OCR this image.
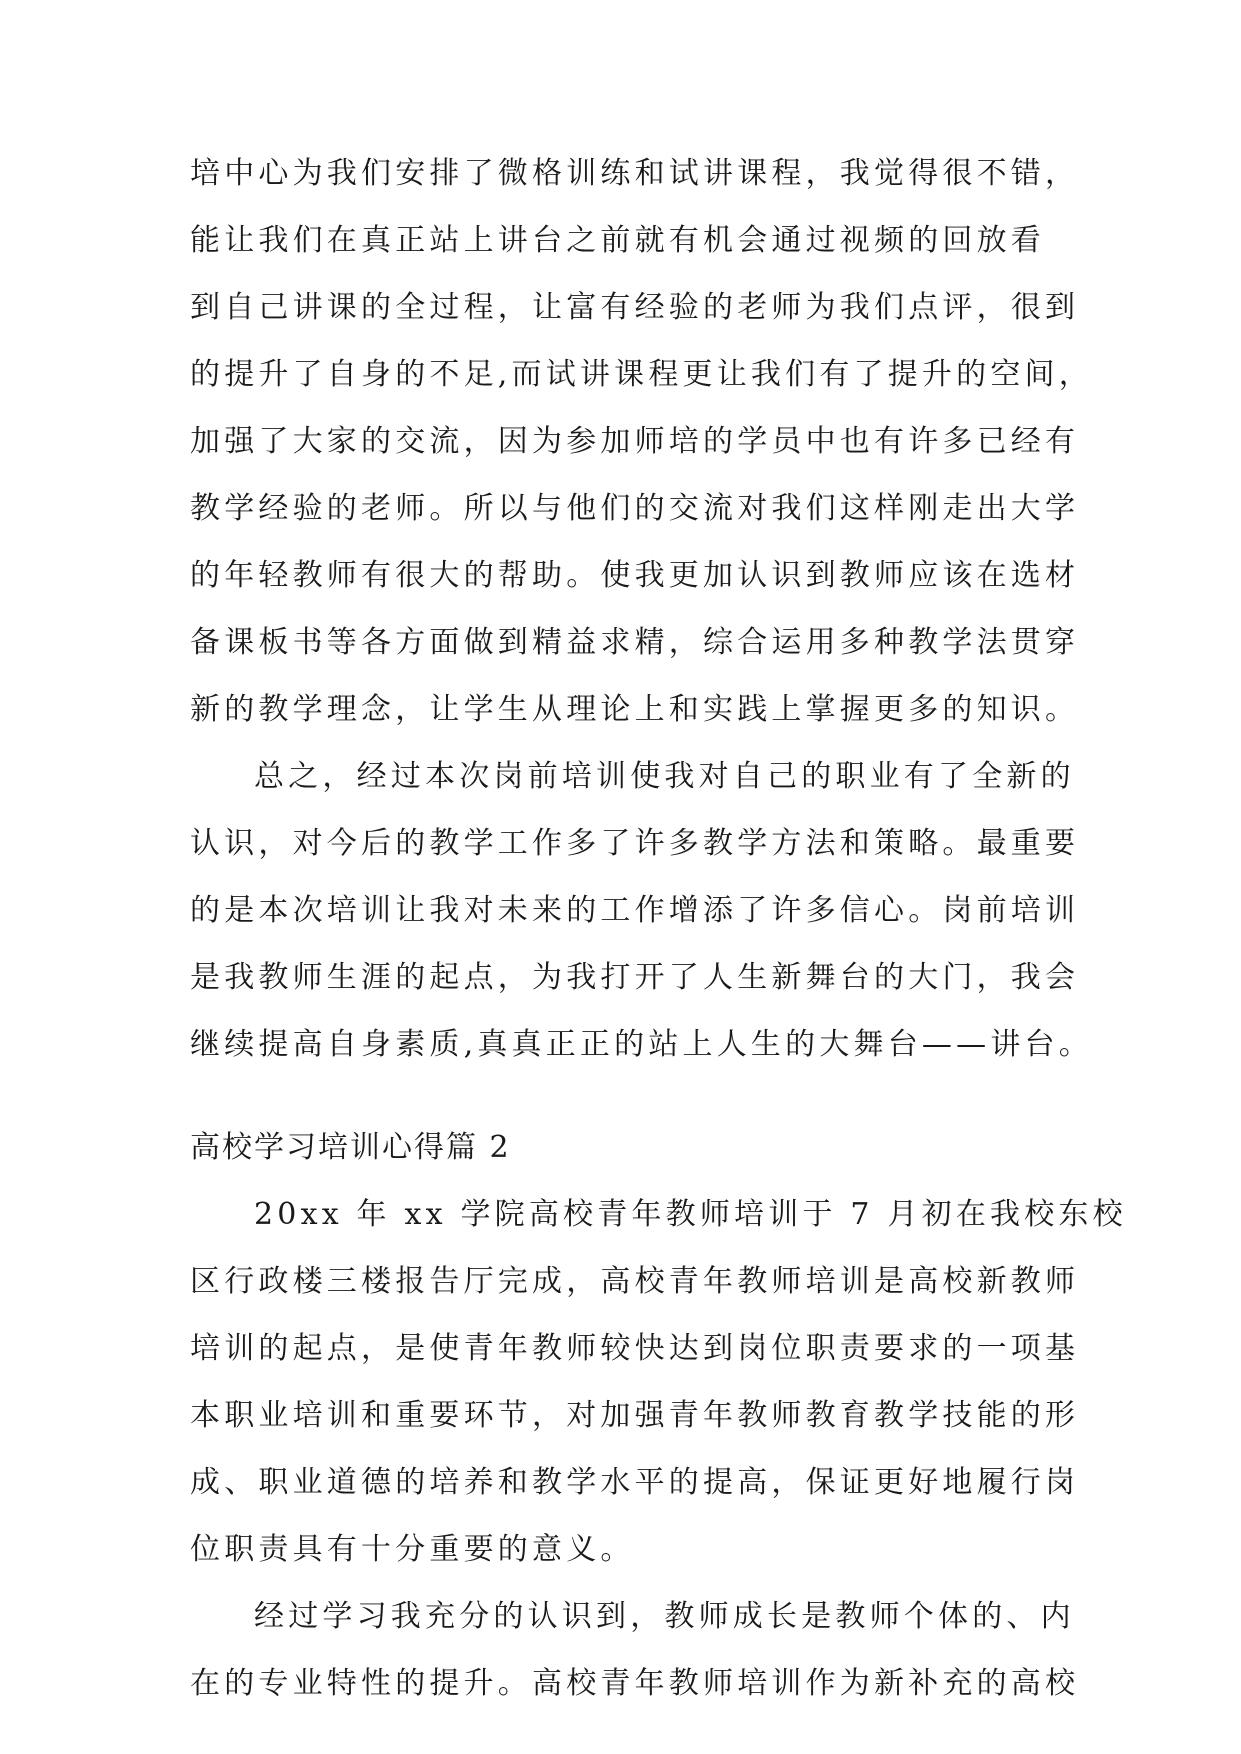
培中心为我们安排了微格训练和试讲课程，我觉得很不错，
能让我们在真正站上讲台之前就有机会通过视频的回放看
到自己讲课的全过程，让富有经验的老师为我们点评，很到
的提升了自身的不足,而试讲课程更让我们有了提升的空间，
加强了大家的交流，因为参加师培的学员中也有许多已经有
教学经验的老师。所以与他们的交流对我们这样刚走出大学
的年轻教师有很大的帮助。使我更加认识到教师应该在选材
备课板书等各方面做到精益求精，综合运用多种教学法贯穿
新的教学理念，让学生从理论上和实践上掌握更多的知识。
总之，经过本次岗前培训使我对自己的职业有了全新的
认识，对今后的教学工作多了许多教学方法和策略。最重要
的是本次培训让我对未来的工作增添了许多信心。岗前培训
是我教师生涯的起点，为我打开了人生新舞台的大门，我会
继续提高自身素质,真真正正的站上人生的大舞台——讲台。
高校学习培训心得篇 2
20xx 年 xx 学院高校青年教师培训于 7 月初在我校东校
区行政楼三楼报告厅完成，高校青年教师培训是高校新教师
培训的起点，是使青年教师较快达到岗位职责要求的一项基
本职业培训和重要环节，对加强青年教师教育教学技能的形
成、职业道德的培养和教学水平的提高，保证更好地履行岗
位职责具有十分重要的意义。
经过学习我充分的认识到，教师成长是教师个体的、内
在的专业特性的提升。高校青年教师培训作为新补充的高校
